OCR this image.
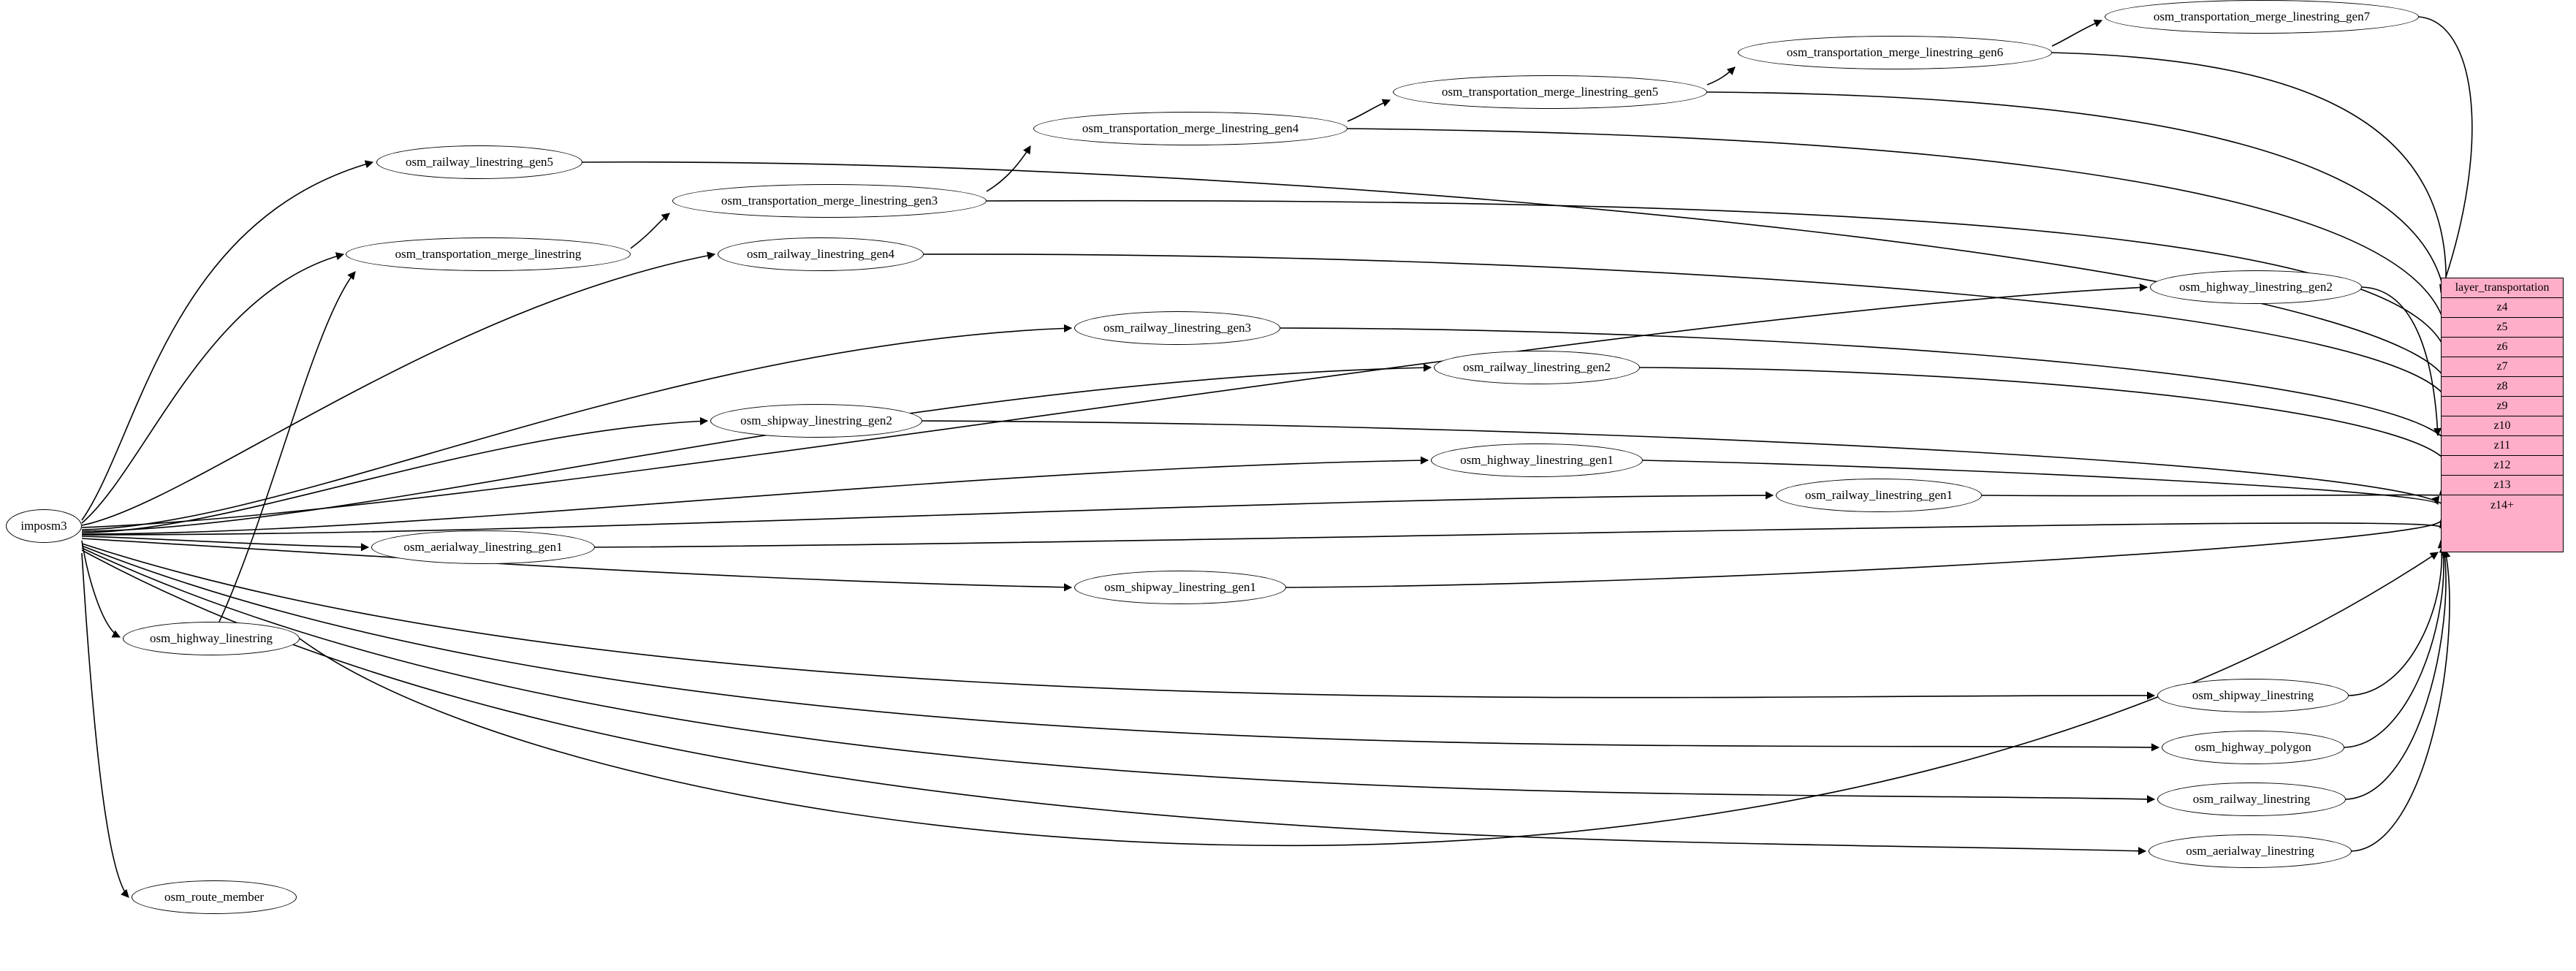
imposm3
osm_railway_linestring_gen5
osm_transportation_merge_linestring_gen7
osm_transportation_merge_linestring_gen6
osm_transportation_merge_linestring_gen5
osm_transportation_merge_linestring_gen4
osm_transportation_merge_linestring_gen3
osm_transportation_merge_linestring	osm_railway_linestring_gen4
osm_highway_linestring_gen2
osm_railway_linestring_gen3
osm_railway_linestring_gen2
osm_shipway_linestring_gen2
osm_highway_linestring_gen1
osm_railway_linestring_gen1
osm_aerialway_linestring_gen1
osm_shipway_linestring_gen1
osm_highway_linestring
osm_shipway_linestring
osm_highway_polygon
osm_railway_linestring
osm_aerialway_linestring
osm_route_member
layer_transportation
z4
z5
z6
z7
z8
z9
z10
z11
z12
z13
z14+
